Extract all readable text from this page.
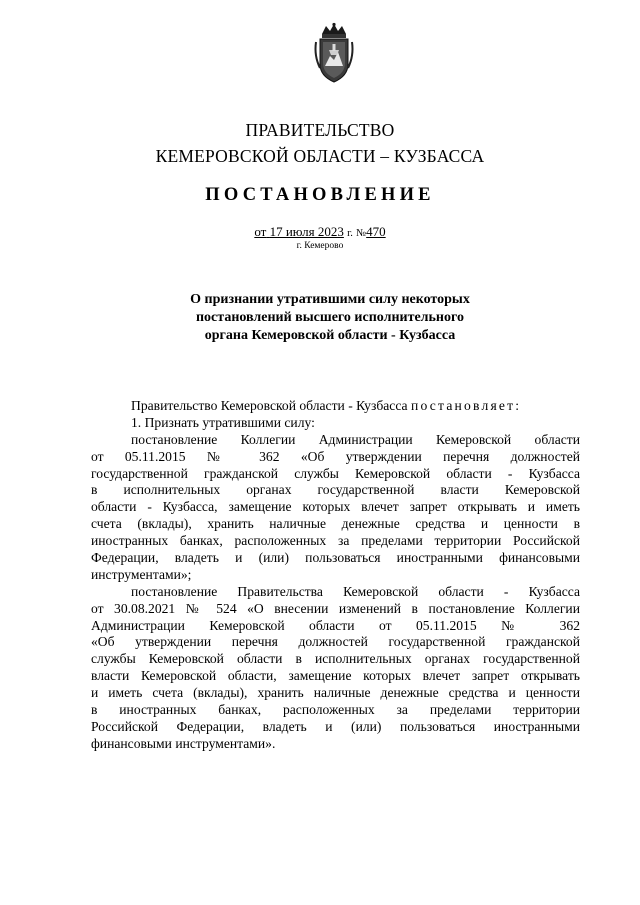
ПРАВИТЕЛЬСТВО
КЕМЕРОВСКОЙ ОБЛАСТИ – КУЗБАССА
ПОСТАНОВЛЕНИЕ
от 17 июля 2023 г. №470
г. Кемерово
О признании утратившими силу некоторых
постановлений высшего исполнительного
органа Кемеровской области - Кузбасса
Правительство Кемеровской области - Кузбасса постановляет:
1. Признать утратившими силу:
постановление Коллегии Администрации Кемеровской области
от 05.11.2015 № 362 «Об утверждении перечня должностей
государственной гражданской службы Кемеровской области - Кузбасса
в исполнительных органах государственной власти Кемеровской
области - Кузбасса, замещение которых влечет запрет открывать и иметь
счета (вклады), хранить наличные денежные средства и ценности в
иностранных банках, расположенных за пределами территории Российской
Федерации, владеть и (или) пользоваться иностранными финансовыми
инструментами»;
постановление Правительства Кемеровской области - Кузбасса
от 30.08.2021 № 524 «О внесении изменений в постановление Коллегии
Администрации Кемеровской области от 05.11.2015 № 362
«Об утверждении перечня должностей государственной гражданской
службы Кемеровской области в исполнительных органах государственной
власти Кемеровской области, замещение которых влечет запрет открывать
и иметь счета (вклады), хранить наличные денежные средства и ценности
в иностранных банках, расположенных за пределами территории
Российской Федерации, владеть и (или) пользоваться иностранными
финансовыми инструментами».
